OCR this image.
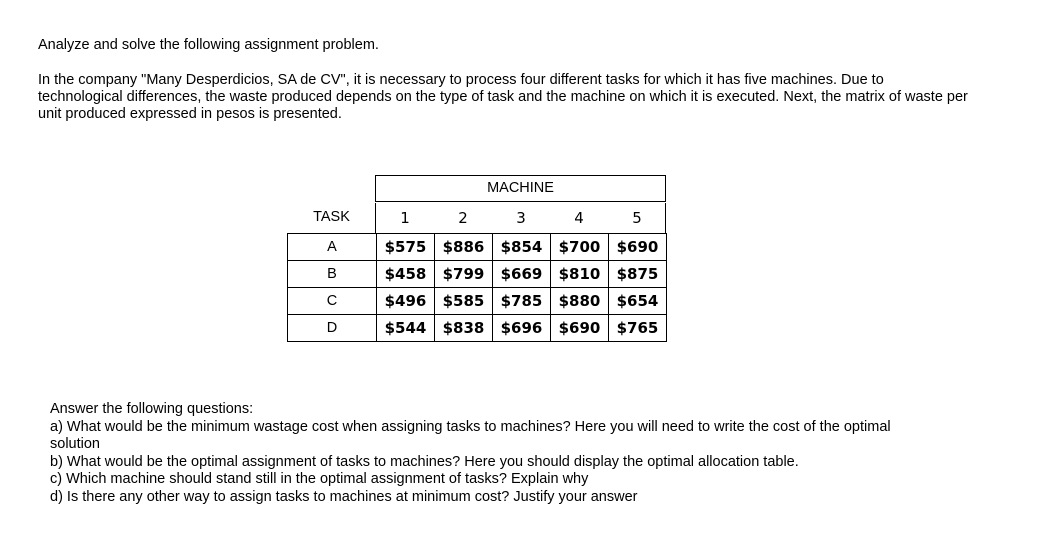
Analyze and solve the following assignment problem.

In the company "Many Desperdicios, SA de CV", it is necessary to process four different tasks for which it has five machines. Due to technological differences, the waste produced depends on the type of task and the machine on which it is executed. Next, the matrix of waste per unit produced expressed in pesos is presented.

MACHINE
TASK	1	2	3	4	5
A	$575	$886	$854	$700	$690
B	$458	$799	$669	$810	$875
C	$496	$585	$785	$880	$654
D	$544	$838	$696	$690	$765
Answer the following questions:
a) What would be the minimum wastage cost when assigning tasks to machines? Here you will need to write the cost of the optimal solution
b) What would be the optimal assignment of tasks to machines? Here you should display the optimal allocation table.
c) Which machine should stand still in the optimal assignment of tasks? Explain why
d) Is there any other way to assign tasks to machines at minimum cost? Justify your answer
